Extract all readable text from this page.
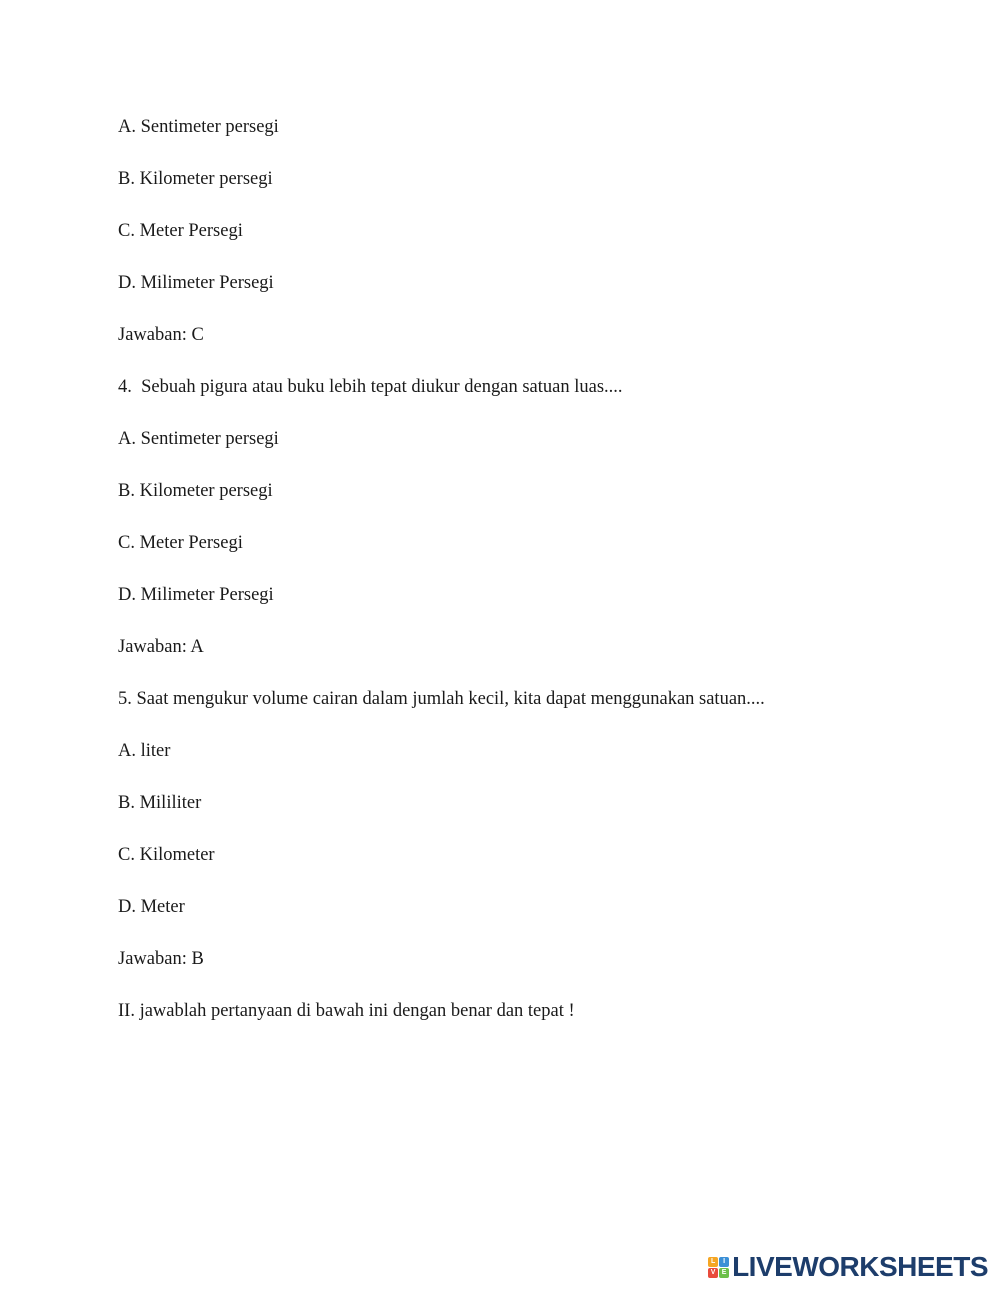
A. Sentimeter persegi
B. Kilometer persegi
C. Meter Persegi
D. Milimeter Persegi
Jawaban: C
4.  Sebuah pigura atau buku lebih tepat diukur dengan satuan luas....
A. Sentimeter persegi
B. Kilometer persegi
C. Meter Persegi
D. Milimeter Persegi
Jawaban: A
5. Saat mengukur volume cairan dalam jumlah kecil, kita dapat menggunakan satuan....
A. liter
B. Mililiter
C. Kilometer
D. Meter
Jawaban: B
II. jawablah pertanyaan di bawah ini dengan benar dan tepat !
L	I
V E LIVEWORKSHEETS
